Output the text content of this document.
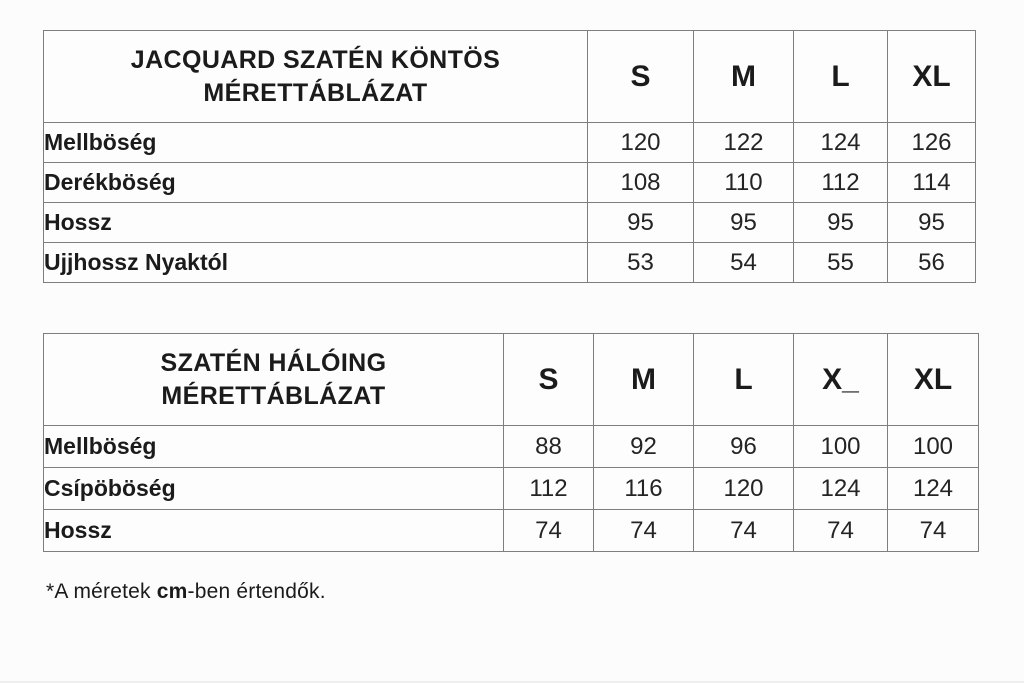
JACQUARD SZATÉN KÖNTÖS
MÉRETTÁBLÁZAT	S	M	L	XL
Mellböség	120	122	124	126
Derékböség	108	110	112	114
Hossz	95	95	95	95
Ujjhossz Nyaktól	53	54	55	56
SZATÉN HÁLÓING
MÉRETTÁBLÁZAT	S	M	L	X_	XL
Mellböség	88	92	96	100	100
Csípöböség	112	116	120	124	124
Hossz	74	74	74	74	74

*A méretek cm-ben értendők.
